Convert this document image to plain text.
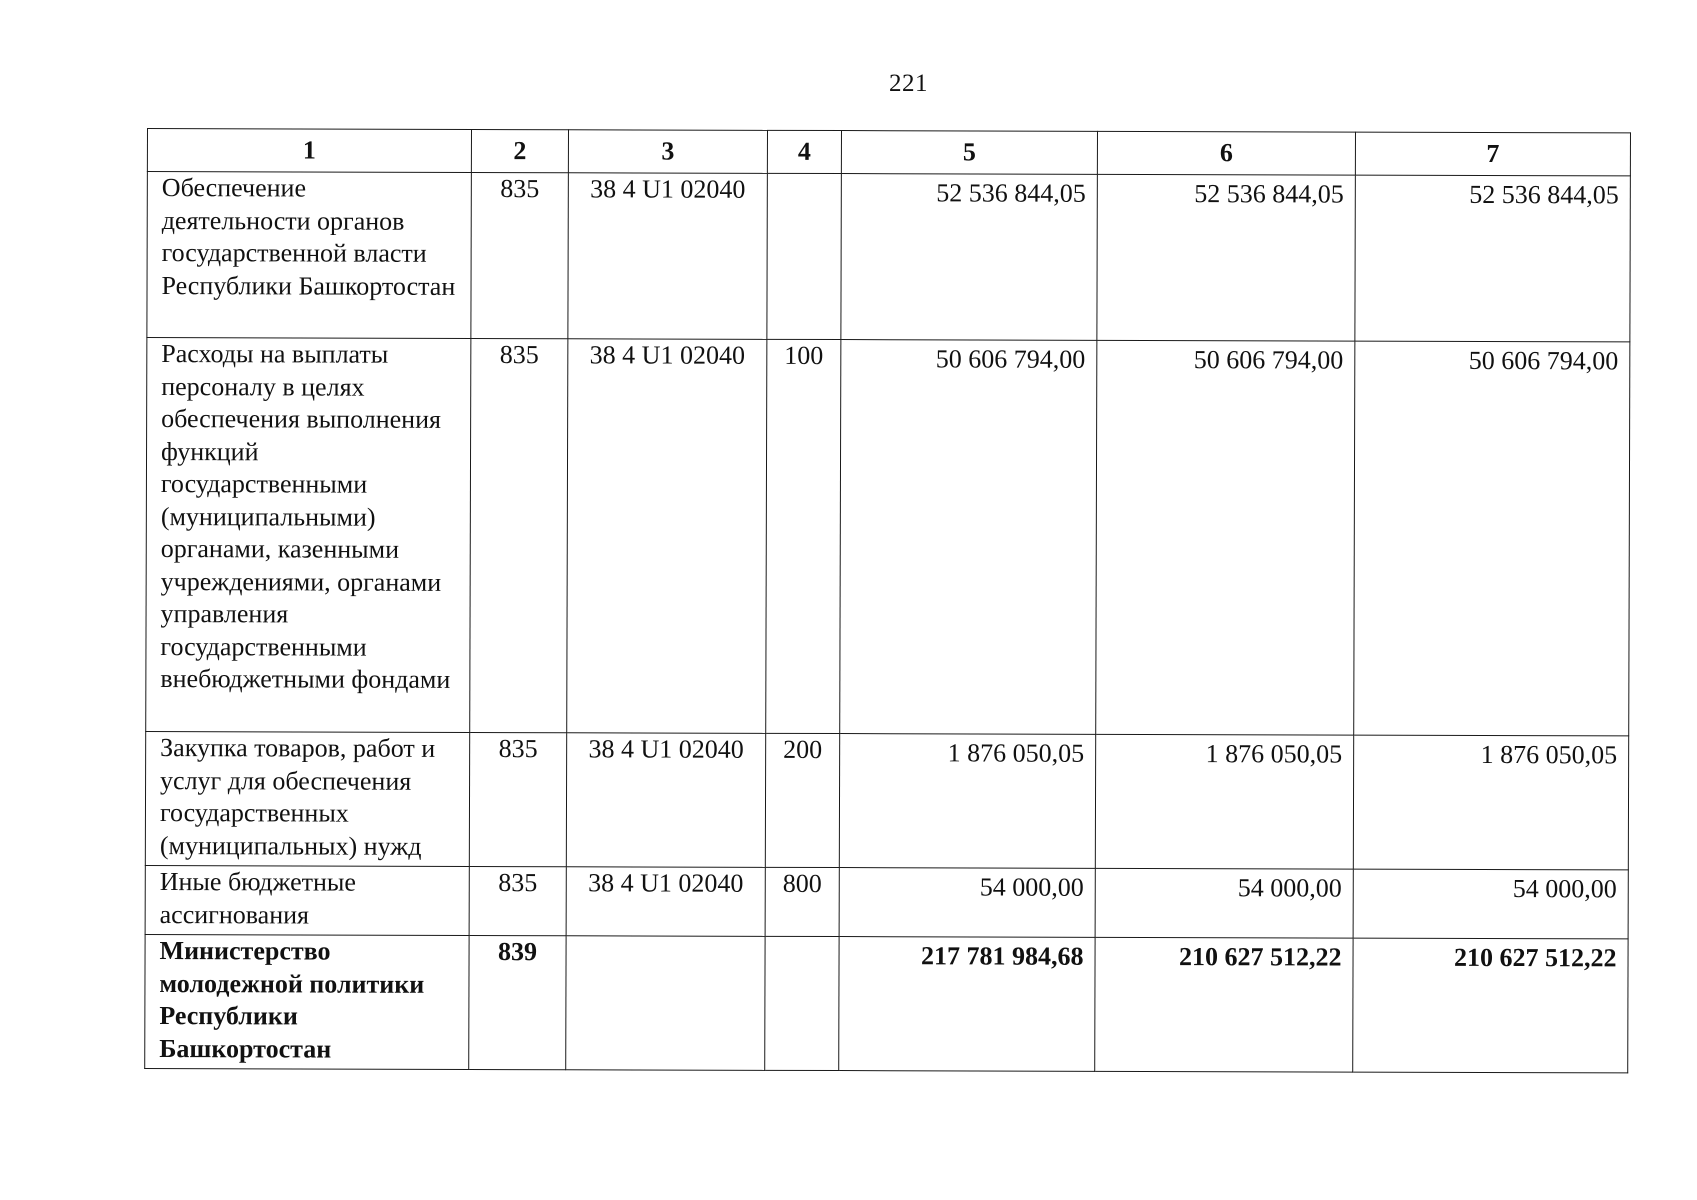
221
1	2	3	4	5	6	7
Обеспечение деятельности органов государственной власти Республики Башкортостан	835	38 4 U1 02040		52 536 844,05	52 536 844,05	52 536 844,05
Расходы на выплаты персоналу в целях обеспечения выполнения функций государственными (муниципальными) органами, казенными учреждениями, органами управления государственными внебюджетными фондами	835	38 4 U1 02040	100	50 606 794,00	50 606 794,00	50 606 794,00
Закупка товаров, работ и услуг для обеспечения государственных (муниципальных) нужд	835	38 4 U1 02040	200	1 876 050,05	1 876 050,05	1 876 050,05
Иные бюджетные ассигнования	835	38 4 U1 02040	800	54 000,00	54 000,00	54 000,00
Министерство молодежной политики Республики Башкортостан	839			217 781 984,68	210 627 512,22	210 627 512,22
